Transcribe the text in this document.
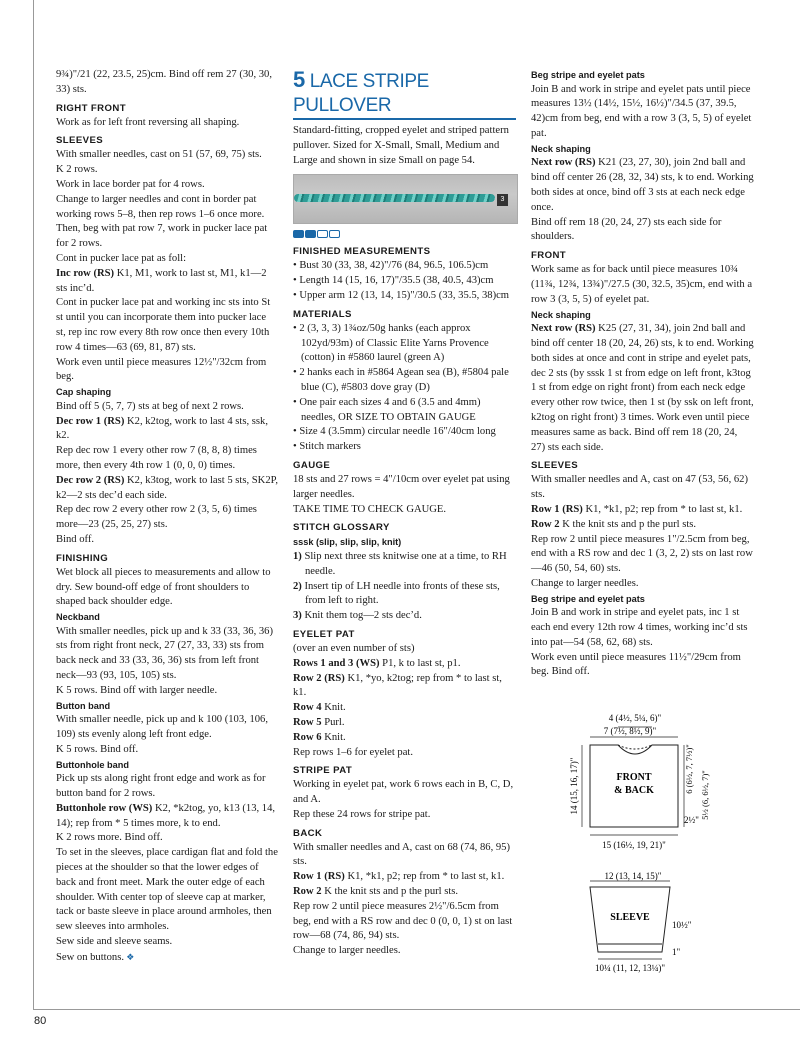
9¾)"/21 (22, 23.5, 25)cm. Bind off rem 27 (30, 30, 33) sts.

RIGHT FRONT

Work as for left front reversing all shaping.

SLEEVES

With smaller needles, cast on 51 (57, 69, 75) sts.

K 2 rows.

Work in lace border pat for 4 rows.

Change to larger needles and cont in border pat working rows 5–8, then rep rows 1–6 once more. Then, beg with pat row 7, work in pucker lace pat for 2 rows.

Cont in pucker lace pat as foll:

Inc row (RS) K1, M1, work to last st, M1, k1—2 sts inc’d.

Cont in pucker lace pat and working inc sts into St st until you can incorporate them into pucker lace st, rep inc row every 8th row once then every 10th row 4 times—63 (69, 81, 87) sts.

Work even until piece measures 12½"/32cm from beg.

Cap shaping

Bind off 5 (5, 7, 7) sts at beg of next 2 rows.

Dec row 1 (RS) K2, k2tog, work to last 4 sts, ssk, k2.

Rep dec row 1 every other row 7 (8, 8, 8) times more, then every 4th row 1 (0, 0, 0) times.

Dec row 2 (RS) K2, k3tog, work to last 5 sts, SK2P, k2—2 sts dec’d each side.

Rep dec row 2 every other row 2 (3, 5, 6) times more—23 (25, 25, 27) sts.

Bind off.

FINISHING

Wet block all pieces to measurements and allow to dry. Sew bound-off edge of front shoulders to shaped back shoulder edge.

Neckband

With smaller needles, pick up and k 33 (33, 36, 36) sts from right front neck, 27 (27, 33, 33) sts from back neck and 33 (33, 36, 36) sts from left front neck—93 (93, 105, 105) sts.

K 5 rows. Bind off with larger needle.

Button band

With smaller needle, pick up and k 100 (103, 106, 109) sts evenly along left front edge.

K 5 rows. Bind off.

Buttonhole band

Pick up sts along right front edge and work as for button band for 2 rows.

Buttonhole row (WS) K2, *k2tog, yo, k13 (13, 14, 14); rep from * 5 times more, k to end.

K 2 rows more. Bind off.

To set in the sleeves, place cardigan flat and fold the pieces at the shoulder so that the lower edges of back and front meet. Mark the outer edge of each shoulder. With center top of sleeve cap at marker, tack or baste sleeve in place around armholes, then sew sleeves into armholes.

Sew side and sleeve seams.

Sew on buttons. ❖

5 LACE STRIPE PULLOVER

Standard-fitting, cropped eyelet and striped pattern pullover. Sized for X-Small, Small, Medium and Large and shown in size Small on page 54.

3

FINISHED MEASUREMENTS

• Bust 30 (33, 38, 42)"/76 (84, 96.5, 106.5)cm

• Length 14 (15, 16, 17)"/35.5 (38, 40.5, 43)cm

• Upper arm 12 (13, 14, 15)"/30.5 (33, 35.5, 38)cm

MATERIALS

• 2 (3, 3, 3) 1¾oz/50g hanks (each approx 102yd/93m) of Classic Elite Yarns Provence (cotton) in #5860 laurel (green A)

• 2 hanks each in #5864 Agean sea (B), #5804 pale blue (C), #5803 dove gray (D)

• One pair each sizes 4 and 6 (3.5 and 4mm) needles, OR SIZE TO OBTAIN GAUGE

• Size 4 (3.5mm) circular needle 16"/40cm long

• Stitch markers

GAUGE

18 sts and 27 rows = 4"/10cm over eyelet pat using larger needles.

TAKE TIME TO CHECK GAUGE.

STITCH GLOSSARY

sssk (slip, slip, slip, knit)

1) Slip next three sts knitwise one at a time, to RH needle.

2) Insert tip of LH needle into fronts of these sts, from left to right.

3) Knit them tog—2 sts dec’d.

EYELET PAT

(over an even number of sts)

Rows 1 and 3 (WS) P1, k to last st, p1.

Row 2 (RS) K1, *yo, k2tog; rep from * to last st, k1.

Row 4 Knit.

Row 5 Purl.

Row 6 Knit.

Rep rows 1–6 for eyelet pat.

STRIPE PAT

Working in eyelet pat, work 6 rows each in B, C, D, and A.

Rep these 24 rows for stripe pat.

BACK

With smaller needles and A, cast on 68 (74, 86, 95) sts.

Row 1 (RS) K1, *k1, p2; rep from * to last st, k1.

Row 2 K the knit sts and p the purl sts.

Rep row 2 until piece measures 2½"/6.5cm from beg, end with a RS row and dec 0 (0, 0, 1) st on last row—68 (74, 86, 94) sts.

Change to larger needles.

Beg stripe and eyelet pats

Join B and work in stripe and eyelet pats until piece measures 13½ (14½, 15½, 16½)"/34.5 (37, 39.5, 42)cm from beg, end with a row 3 (3, 5, 5) of eyelet pat.

Neck shaping

Next row (RS) K21 (23, 27, 30), join 2nd ball and bind off center 26 (28, 32, 34) sts, k to end. Working both sides at once, bind off 3 sts at each neck edge once.

Bind off rem 18 (20, 24, 27) sts each side for shoulders.

FRONT

Work same as for back until piece measures 10¾ (11¾, 12¾, 13¾)"/27.5 (30, 32.5, 35)cm, end with a row 3 (3, 5, 5) of eyelet pat.

Neck shaping

Next row (RS) K25 (27, 31, 34), join 2nd ball and bind off center 18 (20, 24, 26) sts, k to end. Working both sides at once and cont in stripe and eyelet pats, dec 2 sts (by sssk 1 st from edge on left front, k3tog 1 st from edge on right front) from each neck edge every other row twice, then 1 st (by ssk on left front, k2tog on right front) 3 times. Work even until piece measures same as back. Bind off rem 18 (20, 24, 27) sts each side.

SLEEVES

With smaller needles and A, cast on 47 (53, 56, 62) sts.

Row 1 (RS) K1, *k1, p2; rep from * to last st, k1.

Row 2 K the knit sts and p the purl sts.

Rep row 2 until piece measures 1"/2.5cm from beg, end with a RS row and dec 1 (3, 2, 2) sts on last row—46 (50, 54, 60) sts.

Change to larger needles.

Beg stripe and eyelet pats

Join B and work in stripe and eyelet pats, inc 1 st each end every 12th row 4 times, working inc’d sts into pat—54 (58, 62, 68) sts.

Work even until piece measures 11½"/29cm from beg. Bind off.

4 (4½, 5¼, 6)"
7 (7½, 8½, 9)"
FRONT
& BACK
14 (15, 16, 17)"	6 (6½, 7, 7½)"
5½ (6, 6½, 7)"
2½"
15 (16½, 19, 21)"
12 (13, 14, 15)"
SLEEVE
10½"
1"
10¼ (11, 12, 13¼)"
80
